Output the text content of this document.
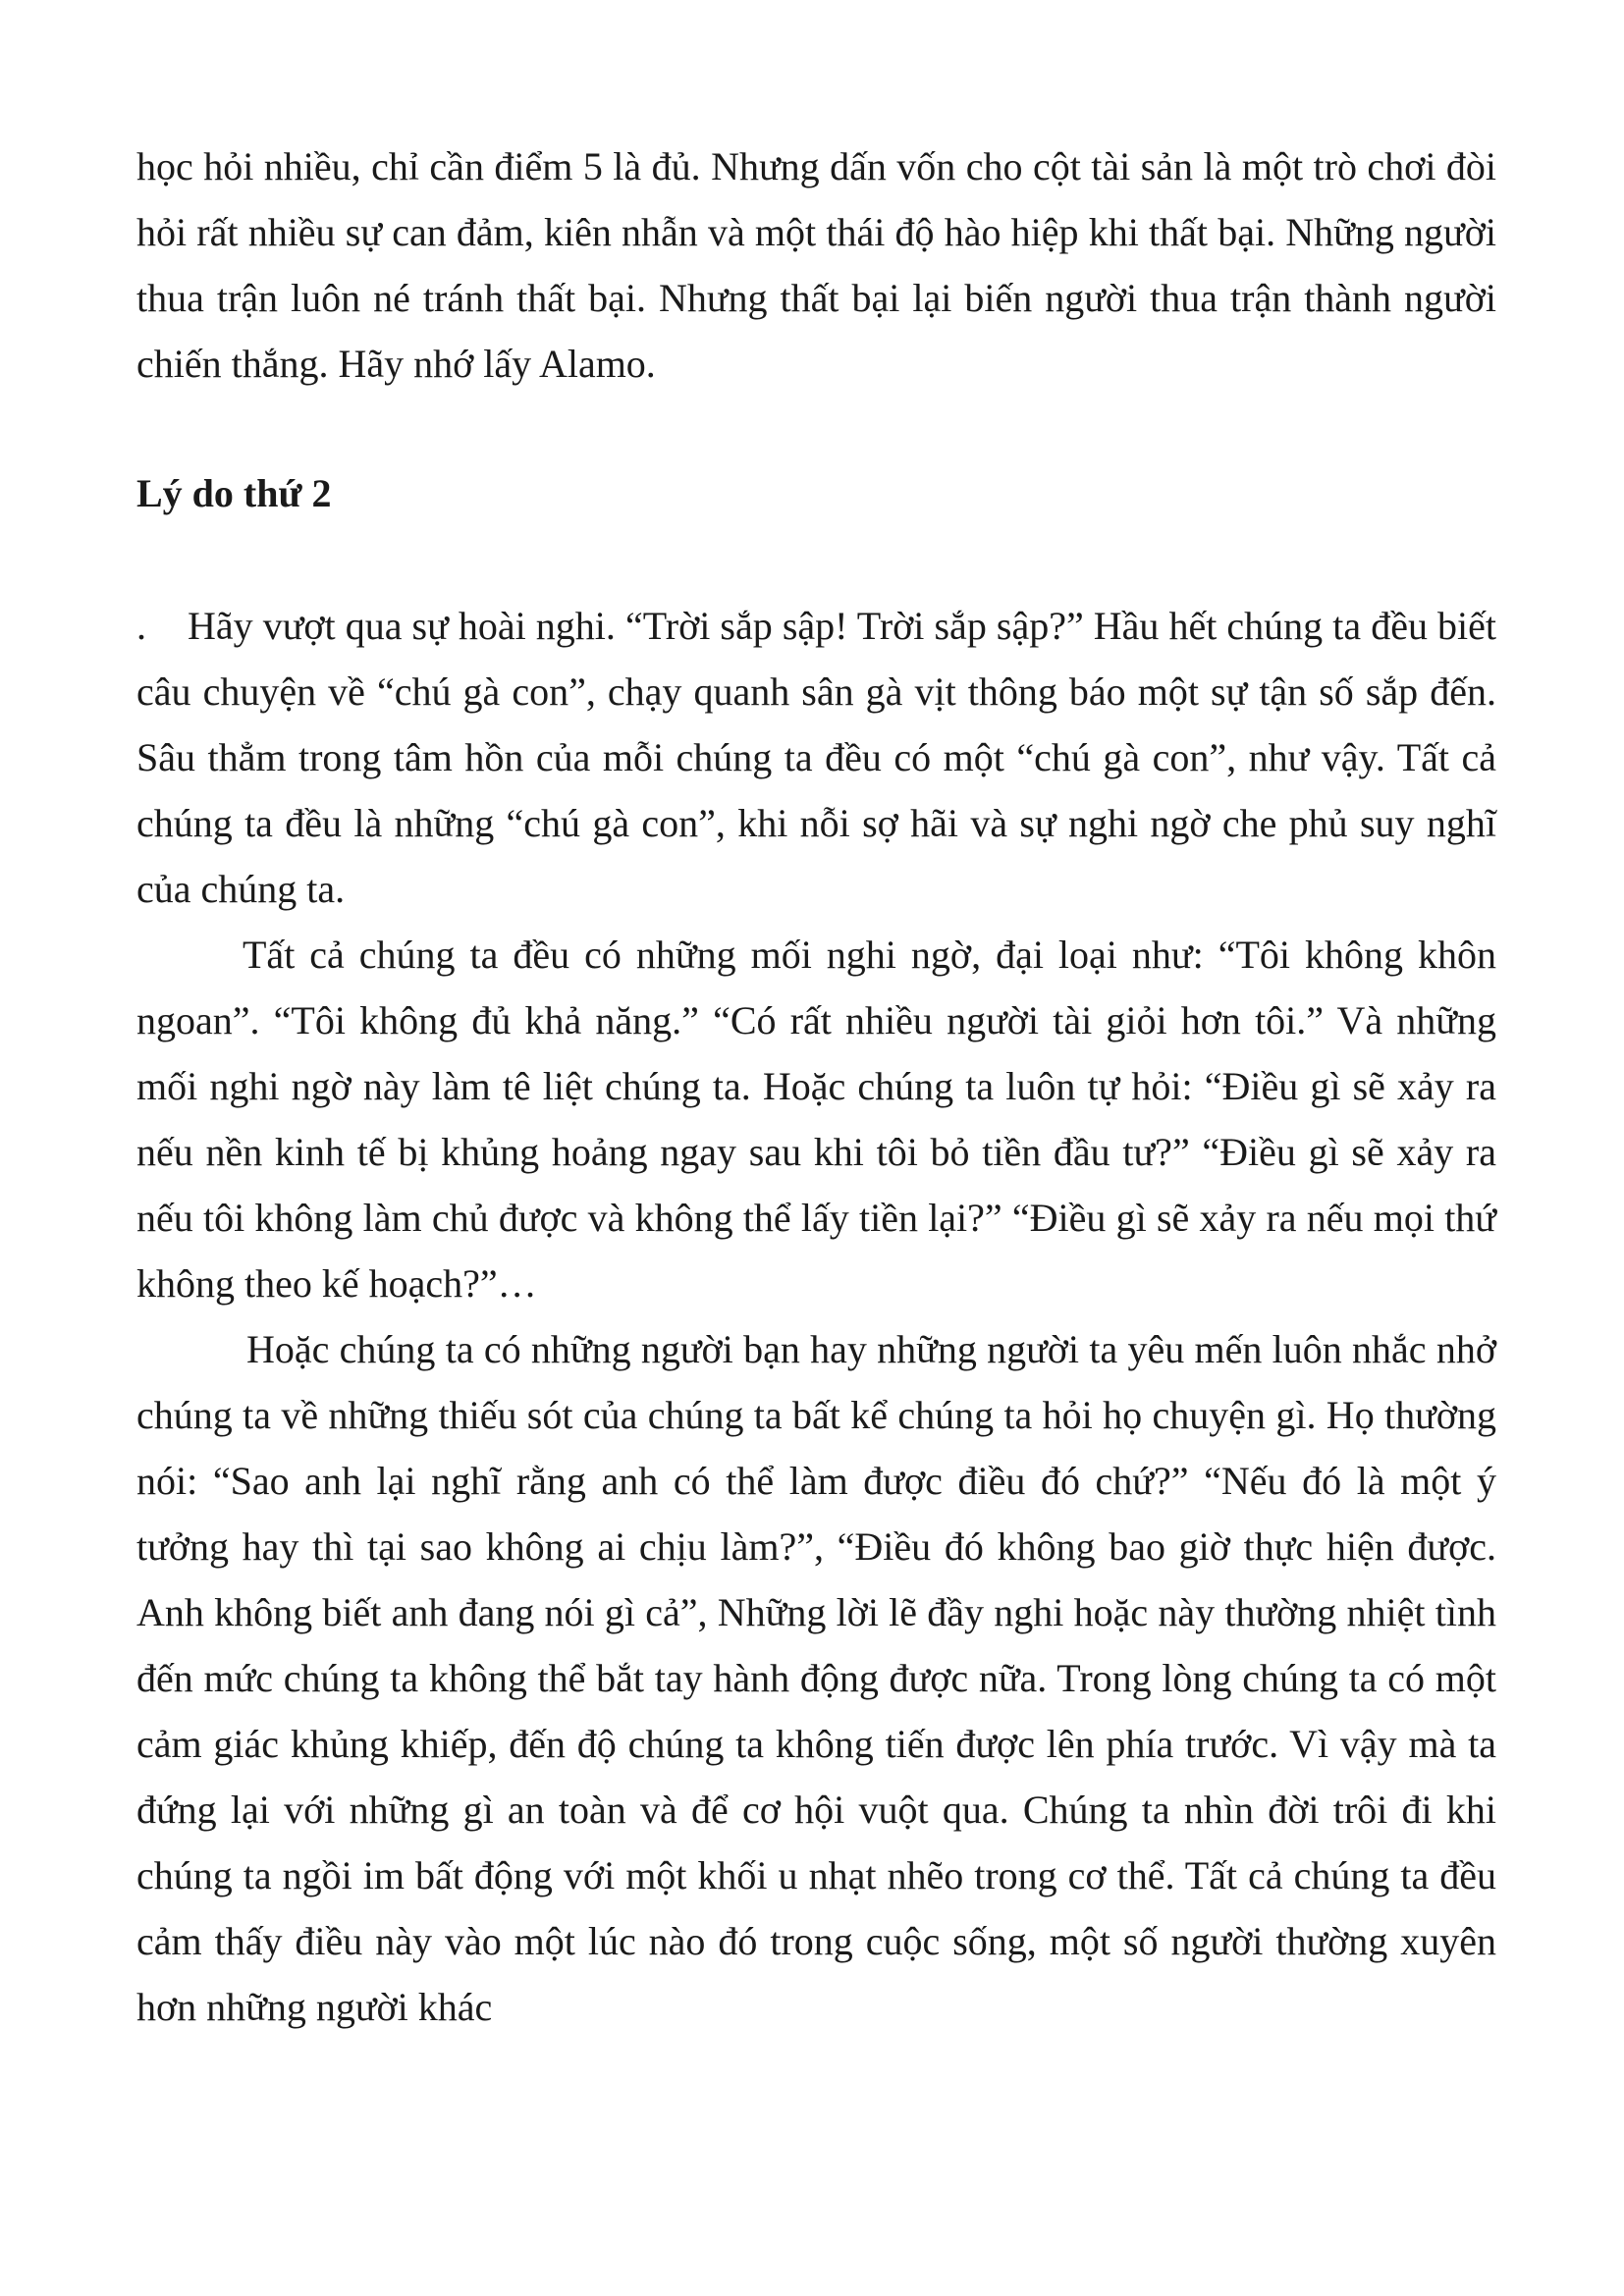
học hỏi nhiều, chỉ cần điểm 5 là đủ. Nhưng dấn vốn cho cột tài sản là một trò chơi đòi hỏi rất nhiều sự can đảm, kiên nhẫn và một thái độ hào hiệp khi thất bại. Những người thua trận luôn né tránh thất bại. Nhưng thất bại lại biến người thua trận thành người chiến thắng. Hãy nhớ lấy Alamo.

Lý do thứ 2

. Hãy vượt qua sự hoài nghi. “Trời sắp sập! Trời sắp sập?” Hầu hết chúng ta đều biết câu chuyện về “chú gà con”, chạy quanh sân gà vịt thông báo một sự tận số sắp đến. Sâu thẳm trong tâm hồn của mỗi chúng ta đều có một “chú gà con”, như vậy. Tất cả chúng ta đều là những “chú gà con”, khi nỗi sợ hãi và sự nghi ngờ che phủ suy nghĩ của chúng ta.

Tất cả chúng ta đều có những mối nghi ngờ, đại loại như: “Tôi không khôn ngoan”. “Tôi không đủ khả năng.” “Có rất nhiều người tài giỏi hơn tôi.” Và những mối nghi ngờ này làm tê liệt chúng ta. Hoặc chúng ta luôn tự hỏi: “Điều gì sẽ xảy ra nếu nền kinh tế bị khủng hoảng ngay sau khi tôi bỏ tiền đầu tư?” “Điều gì sẽ xảy ra nếu tôi không làm chủ được và không thể lấy tiền lại?” “Điều gì sẽ xảy ra nếu mọi thứ không theo kế hoạch?”…

Hoặc chúng ta có những người bạn hay những người ta yêu mến luôn nhắc nhở chúng ta về những thiếu sót của chúng ta bất kể chúng ta hỏi họ chuyện gì. Họ thường nói: “Sao anh lại nghĩ rằng anh có thể làm được điều đó chứ?” “Nếu đó là một ý tưởng hay thì tại sao không ai chịu làm?”, “Điều đó không bao giờ thực hiện được. Anh không biết anh đang nói gì cả”, Những lời lẽ đầy nghi hoặc này thường nhiệt tình đến mức chúng ta không thể bắt tay hành động được nữa. Trong lòng chúng ta có một cảm giác khủng khiếp, đến độ chúng ta không tiến được lên phía trước. Vì vậy mà ta đứng lại với những gì an toàn và để cơ hội vuột qua. Chúng ta nhìn đời trôi đi khi chúng ta ngồi im bất động với một khối u nhạt nhẽo trong cơ thể. Tất cả chúng ta đều cảm thấy điều này vào một lúc nào đó trong cuộc sống, một số người thường xuyên hơn những người khác
